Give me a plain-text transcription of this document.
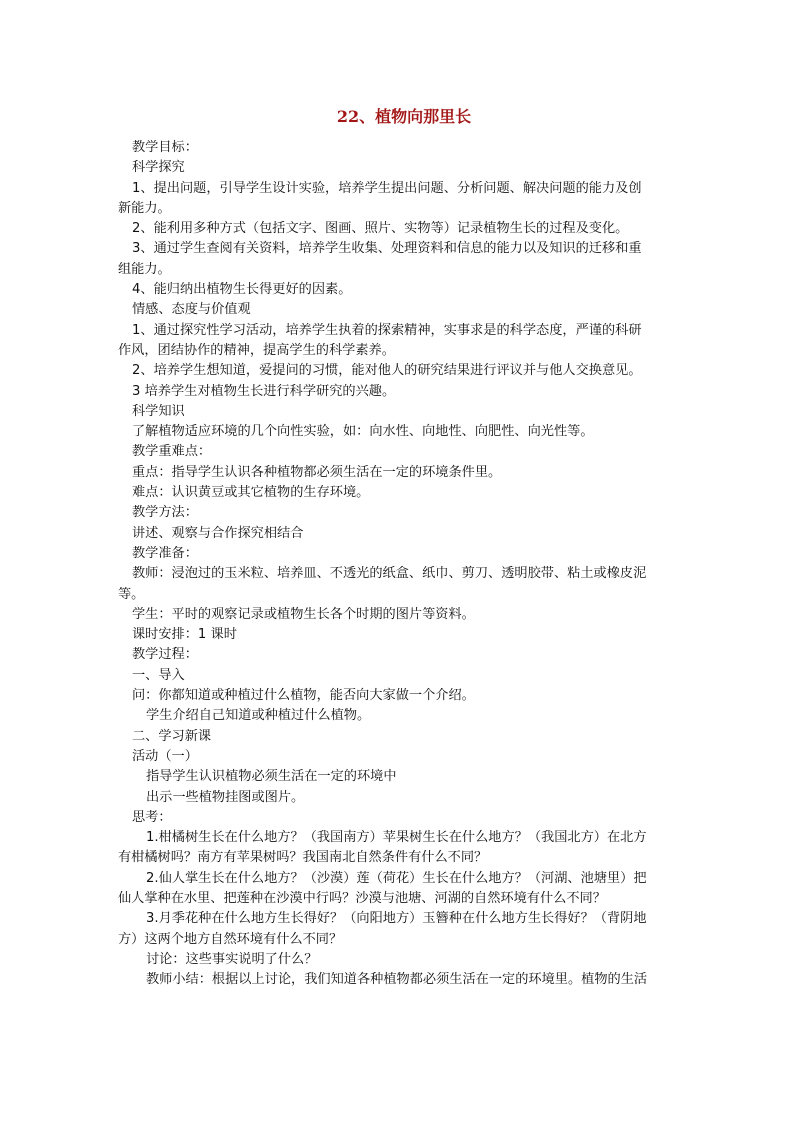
22、植物向那里长
教学目标：
科学探究
1、提出问题，引导学生设计实验，培养学生提出问题、分析问题、解决问题的能力及创
新能力。
2、能利用多种方式（包括文字、图画、照片、实物等）记录植物生长的过程及变化。
3、通过学生查阅有关资料，培养学生收集、处理资料和信息的能力以及知识的迁移和重
组能力。
4、能归纳出植物生长得更好的因素。
情感、态度与价值观
1、通过探究性学习活动，培养学生执着的探索精神，实事求是的科学态度，严谨的科研
作风，团结协作的精神，提高学生的科学素养。
2、培养学生想知道，爱提问的习惯，能对他人的研究结果进行评议并与他人交换意见。
3 培养学生对植物生长进行科学研究的兴趣。
科学知识
了解植物适应环境的几个向性实验，如：向水性、向地性、向肥性、向光性等。
教学重难点：
重点：指导学生认识各种植物都必须生活在一定的环境条件里。
难点：认识黄豆或其它植物的生存环境。
教学方法：
讲述、观察与合作探究相结合
教学准备：
教师：浸泡过的玉米粒、培养皿、不透光的纸盒、纸巾、剪刀、透明胶带、粘土或橡皮泥
等。
学生：平时的观察记录或植物生长各个时期的图片等资料。
课时安排：1 课时
教学过程：
一、导入
问：你都知道或种植过什么植物，能否向大家做一个介绍。
学生介绍自己知道或种植过什么植物。
二、学习新课
活动（一）
指导学生认识植物必须生活在一定的环境中
出示一些植物挂图或图片。
思考：
1.柑橘树生长在什么地方？（我国南方）苹果树生长在什么地方？（我国北方）在北方
有柑橘树吗？南方有苹果树吗？我国南北自然条件有什么不同？
2.仙人掌生长在什么地方？（沙漠）莲（荷花）生长在什么地方？（河湖、池塘里）把
仙人掌种在水里、把莲种在沙漠中行吗？沙漠与池塘、河湖的自然环境有什么不同？
3.月季花种在什么地方生长得好？（向阳地方）玉簪种在什么地方生长得好？（背阴地
方）这两个地方自然环境有什么不同？
讨论：这些事实说明了什么？
教师小结：根据以上讨论，我们知道各种植物都必须生活在一定的环境里。植物的生活
